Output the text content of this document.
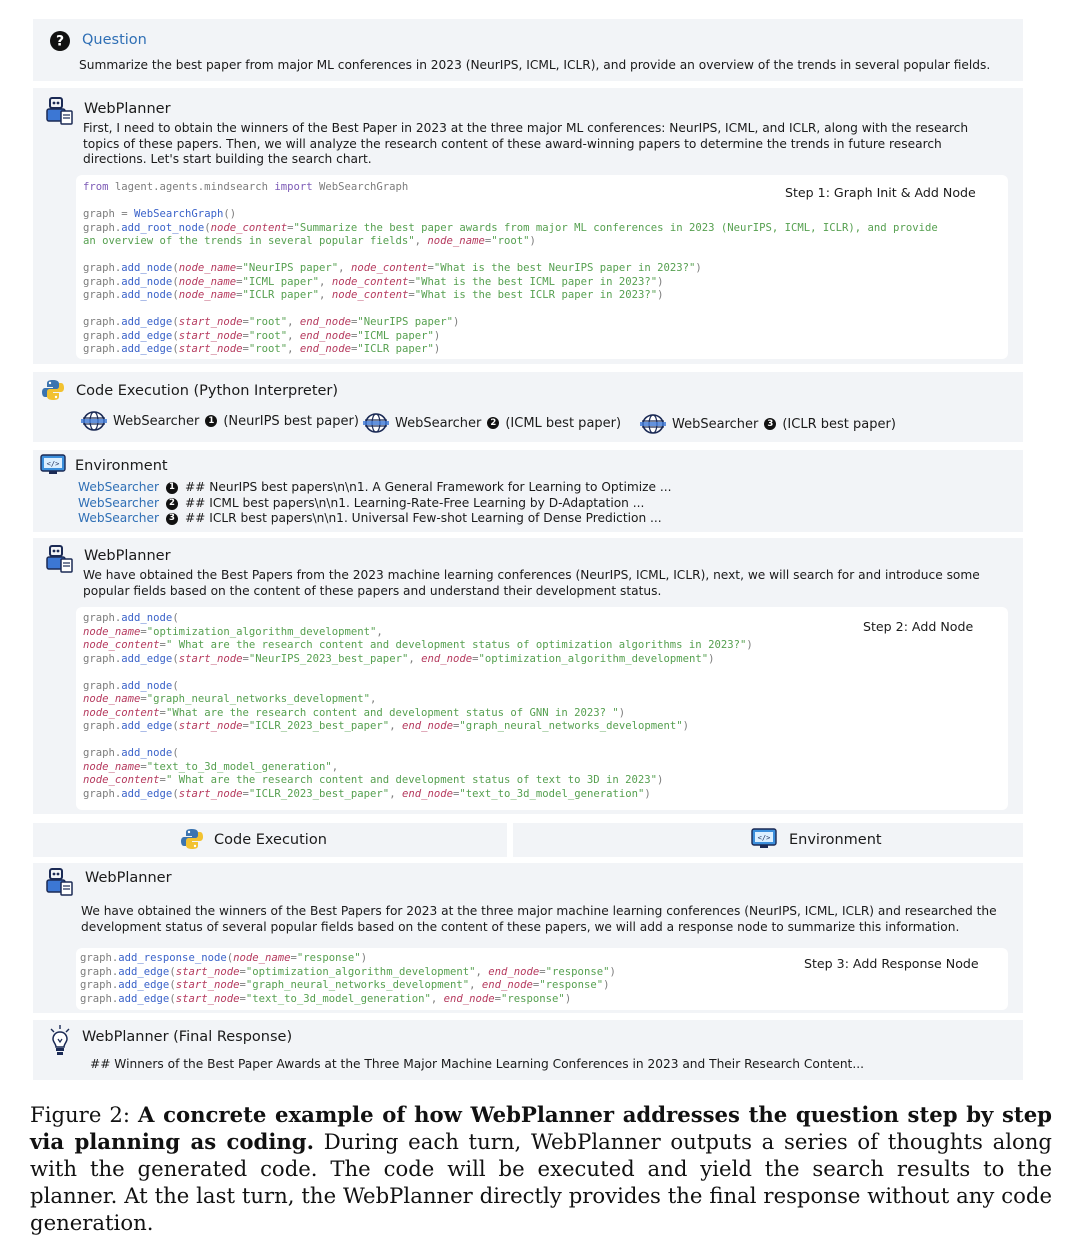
? Question
Summarize the best paper from major ML conferences in 2023 (NeurIPS, ICML, ICLR), and provide an overview of the trends in several popular fields.
WebPlanner
First, I need to obtain the winners of the Best Paper in 2023 at the three major ML conferences: NeurIPS, ICML, and ICLR, along with the research topics of these papers. Then, we will analyze the research content of these award-winning papers to determine the trends in future research directions. Let's start building the search chart.
from lagent.agents.mindsearch import WebSearchGraph

graph = WebSearchGraph()
graph.add_root_node(node_content="Summarize the best paper awards from major ML conferences in 2023 (NeurIPS, ICML, ICLR), and provide
an overview of the trends in several popular fields", node_name="root")

graph.add_node(node_name="NeurIPS paper", node_content="What is the best NeurIPS paper in 2023?")
graph.add_node(node_name="ICML paper", node_content="What is the best ICML paper in 2023?")
graph.add_node(node_name="ICLR paper", node_content="What is the best ICLR paper in 2023?")

graph.add_edge(start_node="root", end_node="NeurIPS paper")
graph.add_edge(start_node="root", end_node="ICML paper")
graph.add_edge(start_node="root", end_node="ICLR paper")
Step 1: Graph Init & Add Node
Code Execution (Python Interpreter)
WebSearcher	1 (NeurIPS best paper)	WebSearcher	2 (ICML best paper)	WebSearcher	3 (ICLR best paper)
</> Environment
WebSearcher	1 ## NeurIPS best papers\n\n1. A General Framework for Learning to Optimize ...
WebSearcher	2 ## ICML best papers\n\n1. Learning-Rate-Free Learning by D-Adaptation ...
WebSearcher	3 ## ICLR best papers\n\n1. Universal Few-shot Learning of Dense Prediction ...
WebPlanner
We have obtained the Best Papers from the 2023 machine learning conferences (NeurIPS, ICML, ICLR), next, we will search for and introduce some popular fields based on the content of these papers and understand their development status.
graph.add_node(
node_name="optimization_algorithm_development",
node_content=" What are the research content and development status of optimization algorithms in 2023?")
graph.add_edge(start_node="NeurIPS_2023_best_paper", end_node="optimization_algorithm_development")

graph.add_node(
node_name="graph_neural_networks_development",
node_content="What are the research content and development status of GNN in 2023? ")
graph.add_edge(start_node="ICLR_2023_best_paper", end_node="graph_neural_networks_development")

graph.add_node(
node_name="text_to_3d_model_generation",
node_content=" What are the research content and development status of text to 3D in 2023")
graph.add_edge(start_node="ICLR_2023_best_paper", end_node="text_to_3d_model_generation")
Step 2: Add Node
Code Execution	</> Environment
WebPlanner
We have obtained the winners of the Best Papers for 2023 at the three major machine learning conferences (NeurIPS, ICML, ICLR) and researched the development status of several popular fields based on the content of these papers, we will add a response node to summarize this information.
graph.add_response_node(node_name="response")
graph.add_edge(start_node="optimization_algorithm_development", end_node="response")
graph.add_edge(start_node="graph_neural_networks_development", end_node="response")
graph.add_edge(start_node="text_to_3d_model_generation", end_node="response")
Step 3: Add Response Node
WebPlanner (Final Response)
## Winners of the Best Paper Awards at the Three Major Machine Learning Conferences in 2023 and Their Research Content...
Figure 2: A concrete example of how WebPlanner addresses the question step by step via planning as coding. During each turn, WebPlanner outputs a series of thoughts along with the generated code. The code will be executed and yield the search results to the planner. At the last turn, the WebPlanner directly provides the final response without any code generation.
